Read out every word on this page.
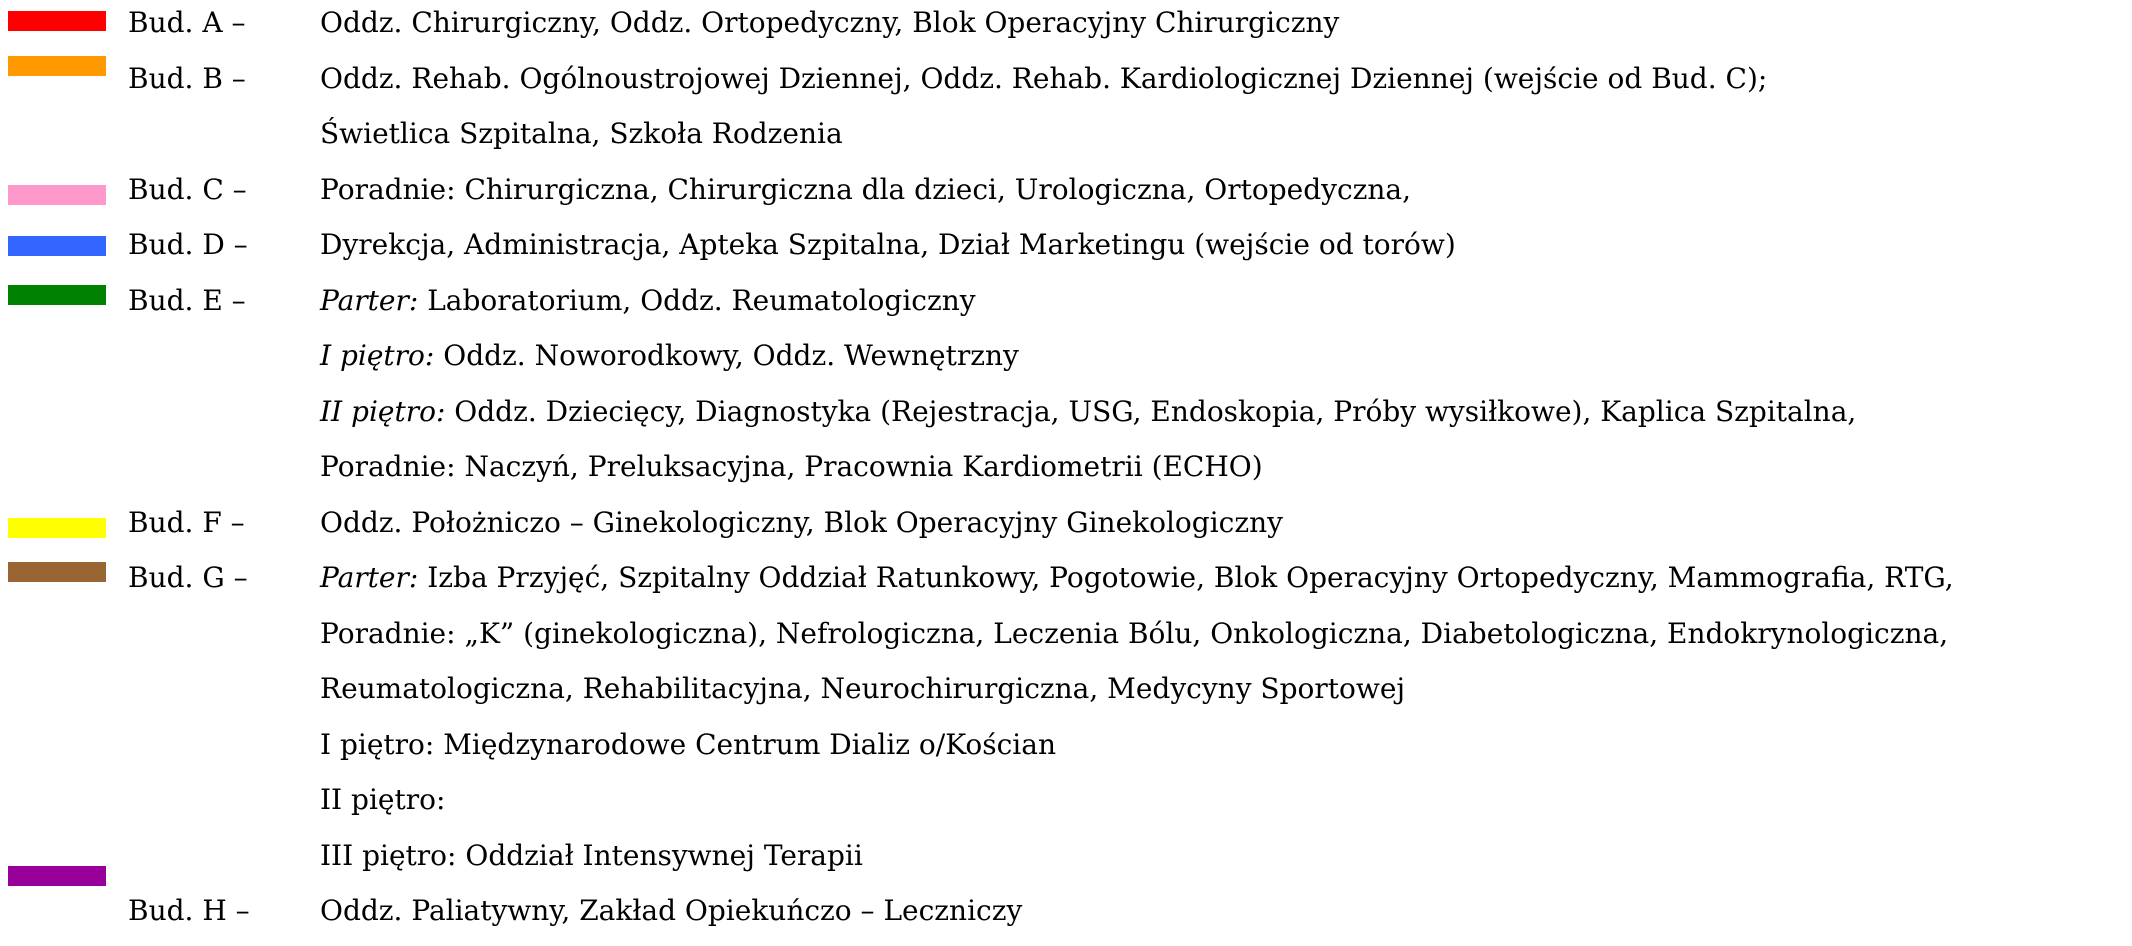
Bud. A –	Oddz. Chirurgiczny, Oddz. Ortopedyczny, Blok Operacyjny Chirurgiczny
Bud. B –	Oddz. Rehab. Ogólnoustrojowej Dziennej, Oddz. Rehab. Kardiologicznej Dziennej (wejście od Bud. C);
Świetlica Szpitalna, Szkoła Rodzenia
Bud. C –	Poradnie: Chirurgiczna, Chirurgiczna dla dzieci, Urologiczna, Ortopedyczna,
Bud. D –	Dyrekcja, Administracja, Apteka Szpitalna, Dział Marketingu (wejście od torów)
Bud. E –	Parter: Laboratorium, Oddz. Reumatologiczny
I piętro: Oddz. Noworodkowy, Oddz. Wewnętrzny
II piętro: Oddz. Dziecięcy, Diagnostyka (Rejestracja, USG, Endoskopia, Próby wysiłkowe), Kaplica Szpitalna,
Poradnie: Naczyń, Preluksacyjna, Pracownia Kardiometrii (ECHO)
Bud. F –	Oddz. Położniczo – Ginekologiczny, Blok Operacyjny Ginekologiczny
Bud. G –	Parter: Izba Przyjęć, Szpitalny Oddział Ratunkowy, Pogotowie, Blok Operacyjny Ortopedyczny, Mammografia, RTG,
Poradnie: „K” (ginekologiczna), Nefrologiczna, Leczenia Bólu, Onkologiczna, Diabetologiczna, Endokrynologiczna,
Reumatologiczna, Rehabilitacyjna, Neurochirurgiczna, Medycyny Sportowej
I piętro: Międzynarodowe Centrum Dializ o/Kościan
II piętro:
III piętro: Oddział Intensywnej Terapii
Bud. H –	Oddz. Paliatywny, Zakład Opiekuńczo – Leczniczy
